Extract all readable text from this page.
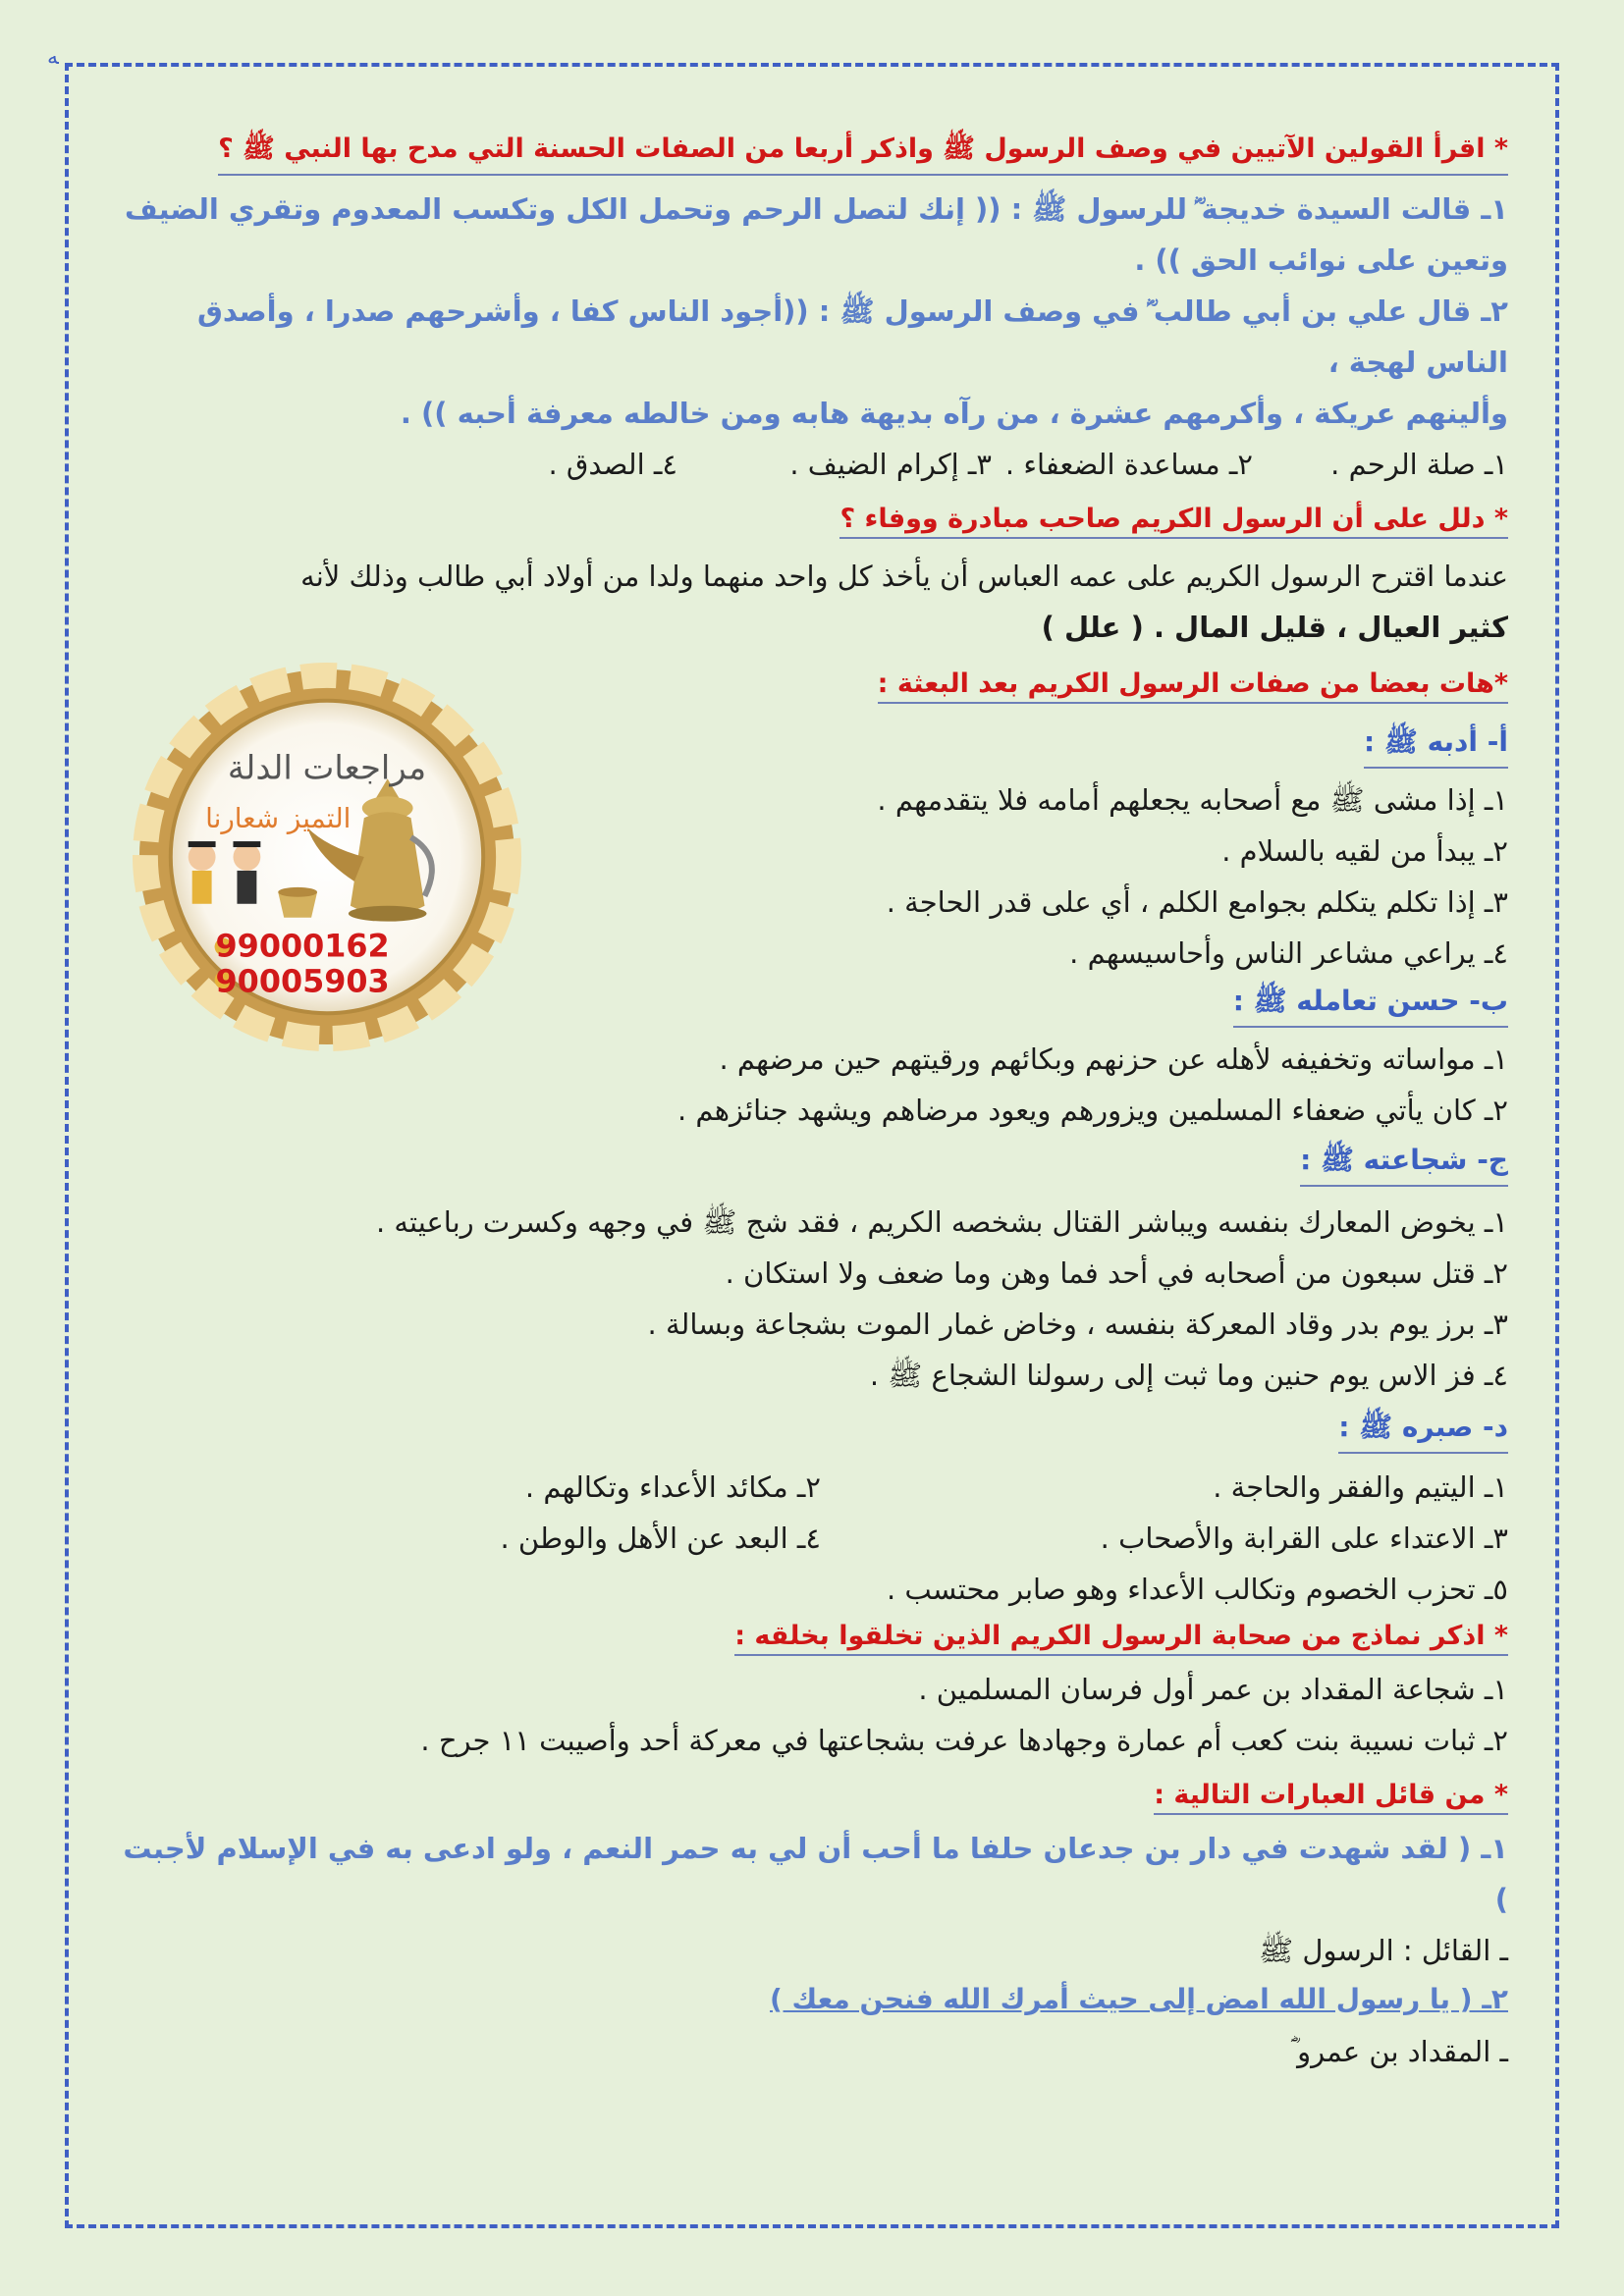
ﻪ
مراجعات الدلة
التميز شعارنا
99000162
90005903
* اقرأ القولين الآتيين في وصف الرسول ﷺ واذكر أربعا من الصفات الحسنة التي مدح بها النبي ﷺ ؟

١ـ قالت السيدة خديجة ؓ للرسول ﷺ : (( إنك لتصل الرحم وتحمل الكل وتكسب المعدوم وتقري الضيف

وتعين على نوائب الحق )) .

٢ـ قال علي بن أبي طالب ؓ في وصف الرسول ﷺ : ((أجود الناس كفا ، وأشرحهم صدرا ، وأصدق الناس لهجة ،

وألينهم عريكة ، وأكرمهم عشرة ، من رآه بديهة هابه ومن خالطه معرفة أحبه )) .

١ـ صلة الرحم .
٢ـ مساعدة الضعفاء .
٣ـ إكرام الضيف .
٤ـ الصدق .
* دلل على أن الرسول الكريم صاحب مبادرة ووفاء ؟

عندما اقترح الرسول الكريم على عمه العباس أن يأخذ كل واحد منهما ولدا من أولاد أبي طالب وذلك لأنه

كثير العيال ، قليل المال . ( علل )

*هات بعضا من صفات الرسول الكريم بعد البعثة :
أ- أدبه ﷺ :

١ـ إذا مشى ﷺ مع أصحابه يجعلهم أمامه فلا يتقدمهم .

٢ـ يبدأ من لقيه بالسلام .

٣ـ إذا تكلم يتكلم بجوامع الكلم ، أي على قدر الحاجة .

٤ـ يراعي مشاعر الناس وأحاسيسهم .

ب- حسن تعامله ﷺ :

١ـ مواساته وتخفيفه لأهله عن حزنهم وبكائهم ورقيتهم حين مرضهم .

٢ـ كان يأتي ضعفاء المسلمين ويزورهم ويعود مرضاهم ويشهد جنائزهم .

ج- شجاعته ﷺ :

١ـ يخوض المعارك بنفسه ويباشر القتال بشخصه الكريم ، فقد شج ﷺ في وجهه وكسرت رباعيته .

٢ـ قتل سبعون من أصحابه في أحد فما وهن وما ضعف ولا استكان .

٣ـ برز يوم بدر وقاد المعركة بنفسه ، وخاض غمار الموت بشجاعة وبسالة .

٤ـ فز الاس يوم حنين وما ثبت إلى رسولنا الشجاع ﷺ .

د- صبره ﷺ :
١ـ اليتيم والفقر والحاجة .
٢ـ مكائد الأعداء وتكالهم .
٣ـ الاعتداء على القرابة والأصحاب .
٤ـ البعد عن الأهل والوطن .

٥ـ تحزب الخصوم وتكالب الأعداء وهو صابر محتسب .

* اذكر نماذج من صحابة الرسول الكريم الذين تخلقوا بخلقه :

١ـ شجاعة المقداد بن عمر أول فرسان المسلمين .

٢ـ ثبات نسيبة بنت كعب أم عمارة وجهادها عرفت بشجاعتها في معركة أحد وأصيبت ١١ جرح .

* من قائل العبارات التالية :

١ـ ( لقد شهدت في دار بن جدعان حلفا ما أحب أن لي به حمر النعم ، ولو ادعى به في الإسلام لأجبت )

ـ القائل : الرسول ﷺ

٢ـ ( يا رسول الله امض إلى حيث أمرك الله فنحن معك )

ـ المقداد بن عمرو ؓ
